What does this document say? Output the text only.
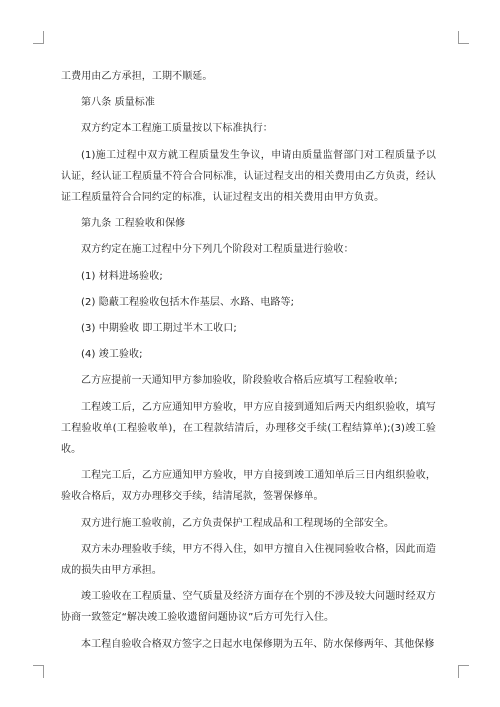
工费用由乙方承担，工期不顺延。

第八条 质量标准

双方约定本工程施工质量按以下标准执行：

(1)施工过程中双方就工程质量发生争议，申请由质量监督部门对工程质量予以认证，经认证工程质量不符合合同标准，认证过程支出的相关费用由乙方负责，经认证工程质量符合合同约定的标准，认证过程支出的相关费用由甲方负责。

第九条 工程验收和保修

双方约定在施工过程中分下列几个阶段对工程质量进行验收：

(1) 材料进场验收;

(2) 隐蔽工程验收包括木作基层、水路、电路等;

(3) 中期验收 即工期过半木工收口;

(4) 竣工验收;

乙方应提前一天通知甲方参加验收，阶段验收合格后应填写工程验收单;

工程竣工后，乙方应通知甲方验收，甲方应自接到通知后两天内组织验收，填写工程验收单(工程验收单)，在工程款结清后，办理移交手续(工程结算单);(3)竣工验收。

工程完工后，乙方应通知甲方验收，甲方自接到竣工通知单后三日内组织验收，验收合格后，双方办理移交手续，结清尾款，签署保修单。

双方进行施工验收前，乙方负责保护工程成品和工程现场的全部安全。

双方未办理验收手续，甲方不得入住，如甲方擅自入住视同验收合格，因此而造成的损失由甲方承担。

竣工验收在工程质量、空气质量及经济方面存在个别的不涉及较大问题时经双方协商一致签定“解决竣工验收遗留问题协议”后方可先行入住。

本工程自验收合格双方签字之日起水电保修期为五年、防水保修两年、其他保修
